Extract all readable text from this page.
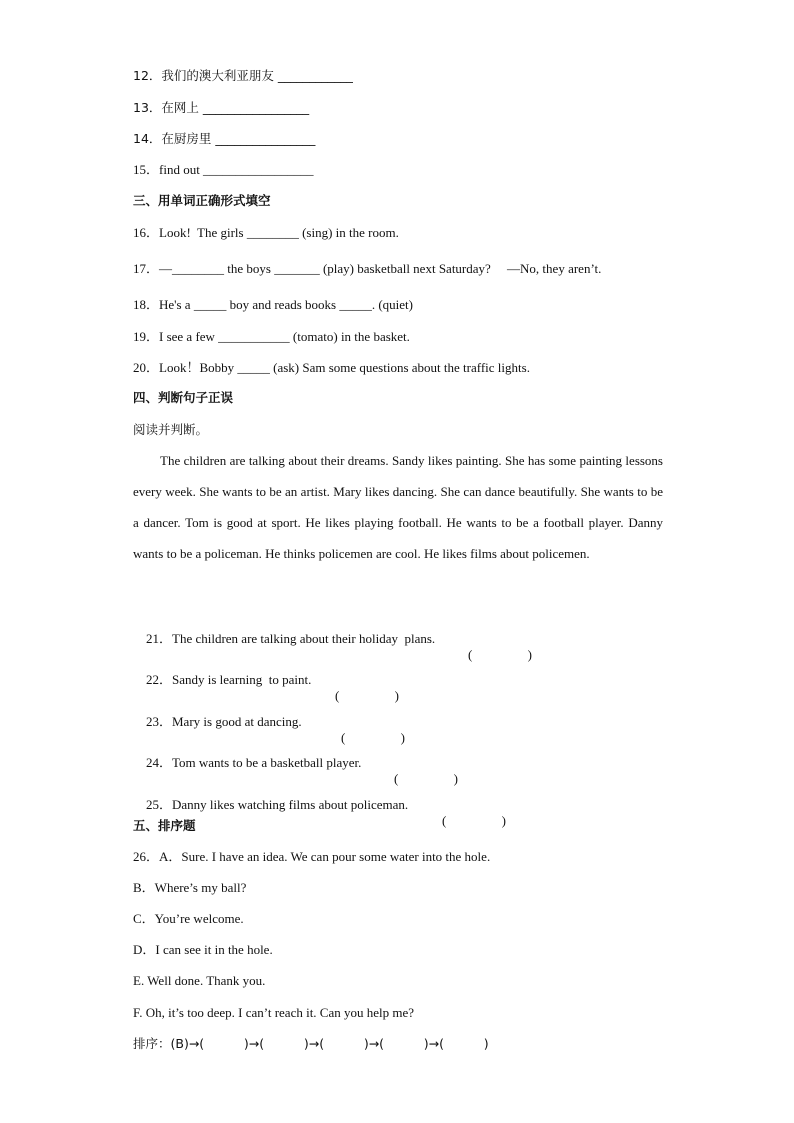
12．我们的澳大利亚朋友 ____________
13．在网上 _________________
14．在厨房里 ________________
15．find out _________________
三、用单词正确形式填空
16．Look!  The girls ________ (sing) in the room.
17．—________ the boys _______ (play) basketball next Saturday?     —No, they aren’t.
18．He's a _____ boy and reads books _____. (quiet)
19．I see a few ___________ (tomato) in the basket.
20．Look！Bobby _____ (ask) Sam some questions about the traffic lights.
四、判断句子正误
阅读并判断。
The children are talking about their dreams. Sandy likes painting. She has some painting lessons every week. She wants to be an artist. Mary likes dancing. She can dance beautifully. She wants to be a dancer. Tom is good at sport. He likes playing football. He wants to be a football player. Danny wants to be a policeman. He thinks policemen are cool. He likes films about policemen.

21．The children are talking about their holiday  plans.

(                 )

22．Sandy is learning  to paint.

(                 )

23．Mary is good at dancing.

(                 )

24．Tom wants to be a basketball player.

(                 )

25．Danny likes watching films about policeman.

(                 )

五、排序题
26．A．Sure. I have an idea. We can pour some water into the hole.
B．Where’s my ball?
C．You’re welcome.
D．I can see it in the hole.
E. Well done. Thank you.
F. Oh, it’s too deep. I can’t reach it. Can you help me?
排序：(B)→(          )→(          )→(          )→(          )→(          )
